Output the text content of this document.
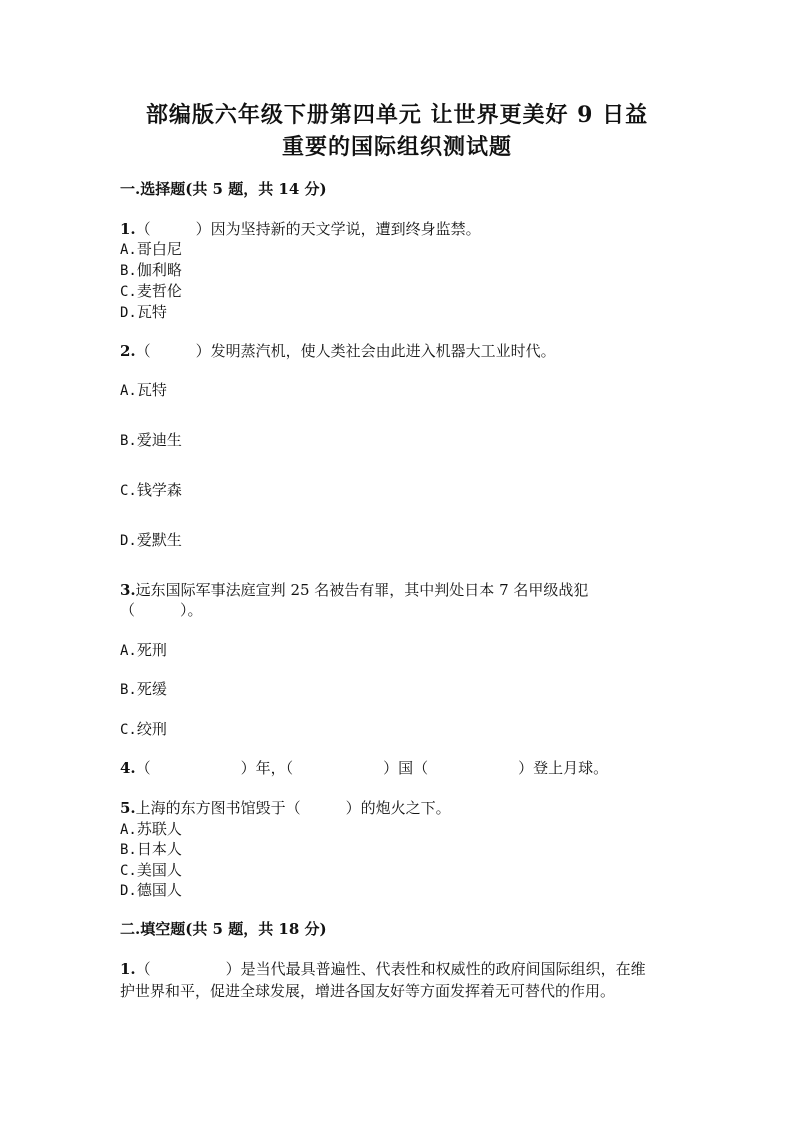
部编版六年级下册第四单元 让世界更美好 9 日益
重要的国际组织测试题
一.选择题(共 5 题，共 14 分)
1.（　　　）因为坚持新的天文学说，遭到终身监禁。
A.哥白尼
B.伽利略
C.麦哲伦
D.瓦特
2.（　　　）发明蒸汽机，使人类社会由此进入机器大工业时代。
A.瓦特
B.爱迪生
C.钱学森
D.爱默生
3.远东国际军事法庭宣判 25 名被告有罪，其中判处日本 7 名甲级战犯
（　　　）。
A.死刑
B.死缓
C.绞刑
4.（　　　　　　）年，（　　　　　　）国（　　　　　　）登上月球。
5.上海的东方图书馆毁于（　　　）的炮火之下。
A.苏联人
B.日本人
C.美国人
D.德国人
二.填空题(共 5 题，共 18 分)
1.（　　　　　）是当代最具普遍性、代表性和权威性的政府间国际组织，在维
护世界和平，促进全球发展，增进各国友好等方面发挥着无可替代的作用。
